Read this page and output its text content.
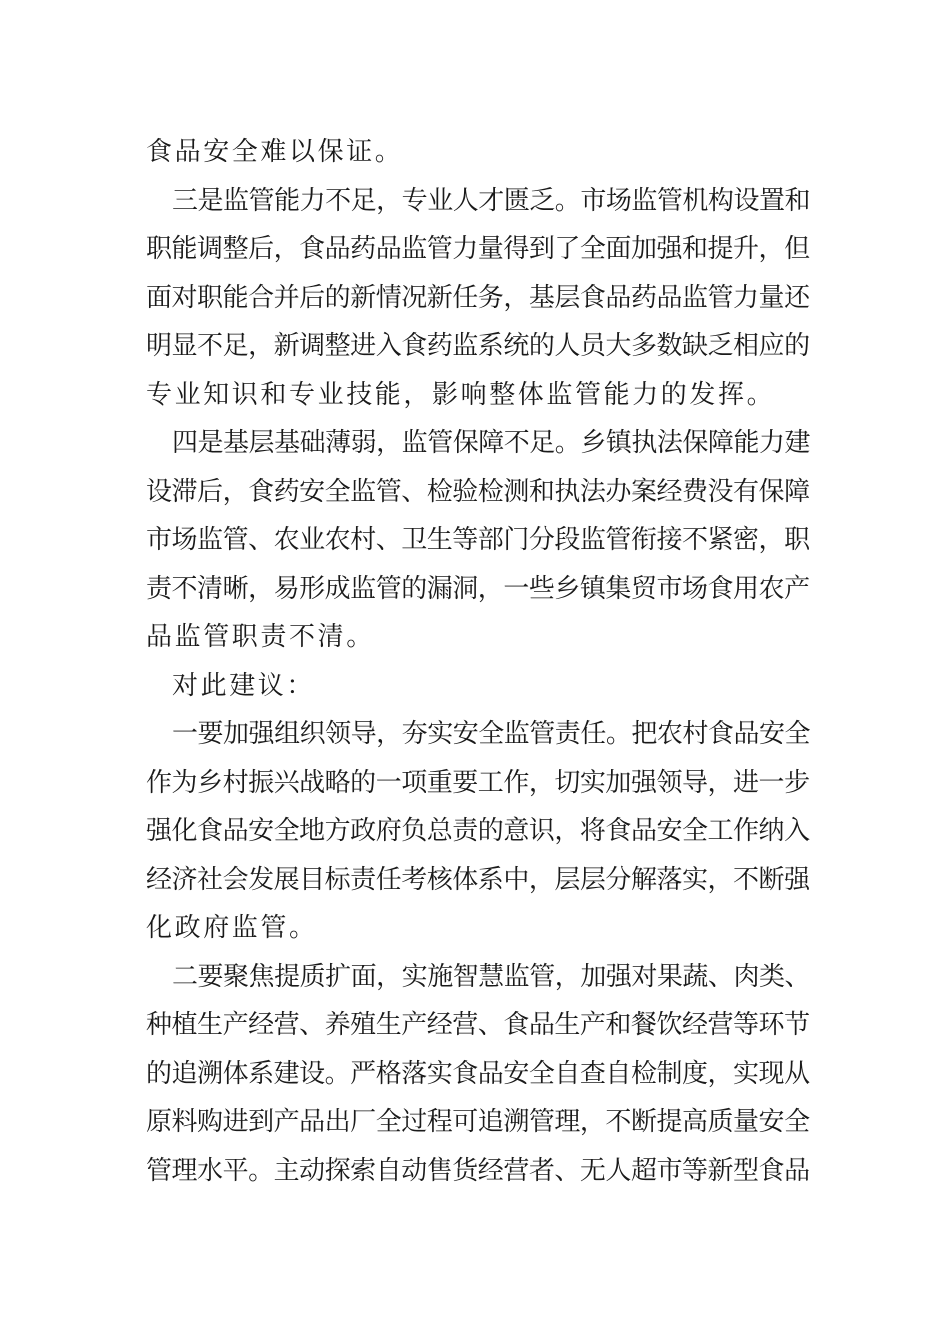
食品安全难以保证。
三是监管能力不足，专业人才匮乏。市场监管机构设置和
职能调整后，食品药品监管力量得到了全面加强和提升，但
面对职能合并后的新情况新任务，基层食品药品监管力量还
明显不足，新调整进入食药监系统的人员大多数缺乏相应的
专业知识和专业技能，影响整体监管能力的发挥。
四是基层基础薄弱，监管保障不足。乡镇执法保障能力建
设滞后，食药安全监管、检验检测和执法办案经费没有保障
市场监管、农业农村、卫生等部门分段监管衔接不紧密，职
责不清晰，易形成监管的漏洞，一些乡镇集贸市场食用农产
品监管职责不清。
对此建议：
一要加强组织领导，夯实安全监管责任。把农村食品安全
作为乡村振兴战略的一项重要工作，切实加强领导，进一步
强化食品安全地方政府负总责的意识，将食品安全工作纳入
经济社会发展目标责任考核体系中，层层分解落实，不断强
化政府监管。
二要聚焦提质扩面，实施智慧监管，加强对果蔬、肉类、
种植生产经营、养殖生产经营、食品生产和餐饮经营等环节
的追溯体系建设。严格落实食品安全自查自检制度，实现从
原料购进到产品出厂全过程可追溯管理，不断提高质量安全
管理水平。主动探索自动售货经营者、无人超市等新型食品
